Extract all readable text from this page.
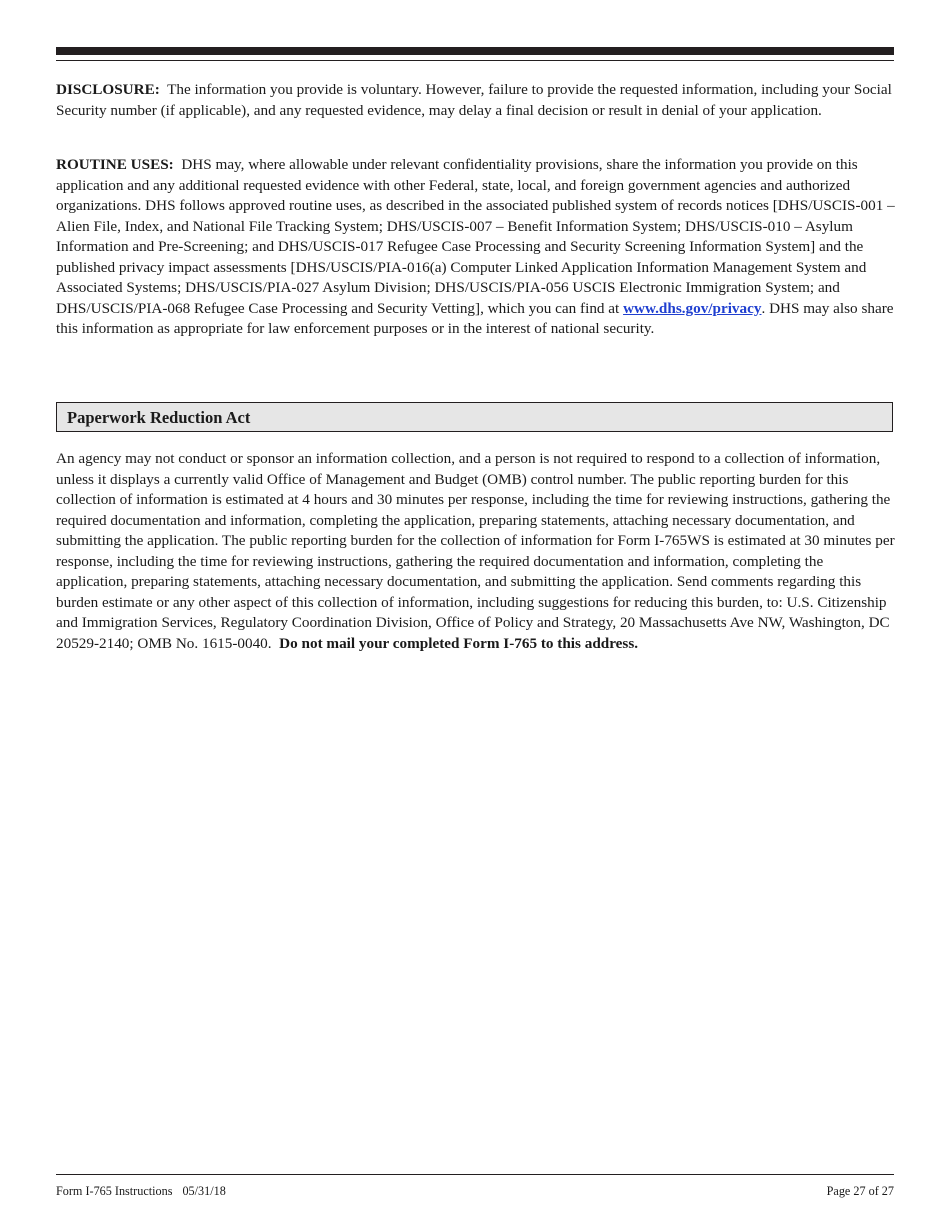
DISCLOSURE: The information you provide is voluntary. However, failure to provide the requested information, including your Social Security number (if applicable), and any requested evidence, may delay a final decision or result in denial of your application.

ROUTINE USES: DHS may, where allowable under relevant confidentiality provisions, share the information you provide on this application and any additional requested evidence with other Federal, state, local, and foreign government agencies and authorized organizations. DHS follows approved routine uses, as described in the associated published system of records notices [DHS/USCIS-001 – Alien File, Index, and National File Tracking System; DHS/USCIS-007 – Benefit Information System; DHS/USCIS-010 – Asylum Information and Pre-Screening; and DHS/USCIS-017 Refugee Case Processing and Security Screening Information System] and the published privacy impact assessments [DHS/USCIS/PIA-016(a) Computer Linked Application Information Management System and Associated Systems; DHS/USCIS/PIA-027 Asylum Division; DHS/USCIS/PIA-056 USCIS Electronic Immigration System; and DHS/USCIS/PIA-068 Refugee Case Processing and Security Vetting], which you can find at www.dhs.gov/privacy. DHS may also share this information as appropriate for law enforcement purposes or in the interest of national security.

Paperwork Reduction Act

An agency may not conduct or sponsor an information collection, and a person is not required to respond to a collection of information, unless it displays a currently valid Office of Management and Budget (OMB) control number. The public reporting burden for this collection of information is estimated at 4 hours and 30 minutes per response, including the time for reviewing instructions, gathering the required documentation and information, completing the application, preparing statements, attaching necessary documentation, and submitting the application. The public reporting burden for the collection of information for Form I-765WS is estimated at 30 minutes per response, including the time for reviewing instructions, gathering the required documentation and information, completing the application, preparing statements, attaching necessary documentation, and submitting the application. Send comments regarding this burden estimate or any other aspect of this collection of information, including suggestions for reducing this burden, to: U.S. Citizenship and Immigration Services, Regulatory Coordination Division, Office of Policy and Strategy, 20 Massachusetts Ave NW, Washington, DC 20529-2140; OMB No. 1615-0040. Do not mail your completed Form I-765 to this address.

Form I-765 Instructions 05/31/18	Page 27 of 27
